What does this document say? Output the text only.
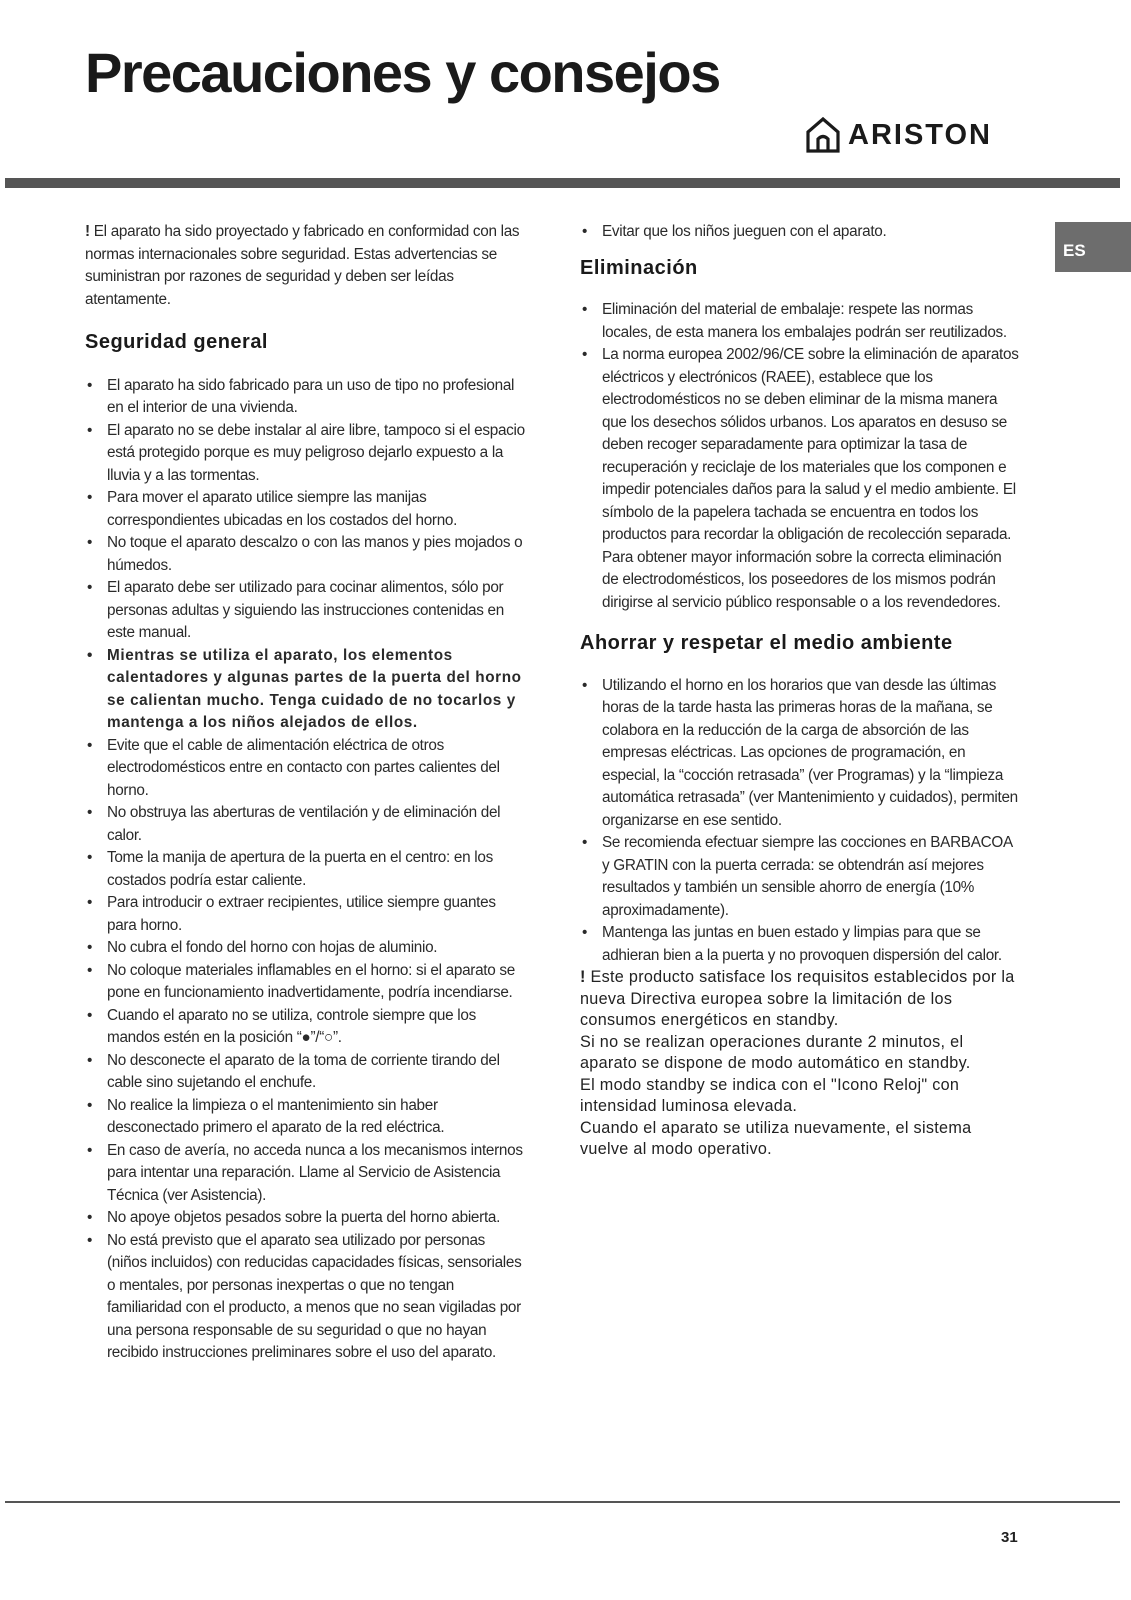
Precauciones y consejos
ARISTON
ES

! El aparato ha sido proyectado y fabricado en conformidad con las normas internacionales sobre seguridad. Estas advertencias se suministran por razones de seguridad y deben ser leídas atentamente.

Seguridad general
• El aparato ha sido fabricado para un uso de tipo no profesional en el interior de una vivienda.
• El aparato no se debe instalar al aire libre, tampoco si el espacio está protegido porque es muy peligroso dejarlo expuesto a la lluvia y a las tormentas.
• Para mover el aparato utilice siempre las manijas correspondientes ubicadas en los costados del horno.
• No toque el aparato descalzo o con las manos y pies mojados o húmedos.
• El aparato debe ser utilizado para cocinar alimentos, sólo por personas adultas y siguiendo las instrucciones contenidas en este manual.
• Mientras se utiliza el aparato, los elementos calentadores y algunas partes de la puerta del horno se calientan mucho. Tenga cuidado de no tocarlos y mantenga a los niños alejados de ellos.
• Evite que el cable de alimentación eléctrica de otros electrodomésticos entre en contacto con partes calientes del horno.
• No obstruya las aberturas de ventilación y de eliminación del calor.
• Tome la manija de apertura de la puerta en el centro: en los costados podría estar caliente.
• Para introducir o extraer recipientes, utilice siempre guantes para horno.
• No cubra el fondo del horno con hojas de aluminio.
• No coloque materiales inflamables en el horno: si el aparato se pone en funcionamiento inadvertidamente, podría incendiarse.
• Cuando el aparato no se utiliza, controle siempre que los mandos estén en la posición “●”/“○”.
• No desconecte el aparato de la toma de corriente tirando del cable sino sujetando el enchufe.
• No realice la limpieza o el mantenimiento sin haber desconectado primero el aparato de la red eléctrica.
• En caso de avería, no acceda nunca a los mecanismos internos para intentar una reparación. Llame al Servicio de Asistencia Técnica (ver Asistencia).
• No apoye objetos pesados sobre la puerta del horno abierta.
• No está previsto que el aparato sea utilizado por personas (niños incluidos) con reducidas capacidades físicas, sensoriales o mentales, por personas inexpertas o que no tengan familiaridad con el producto, a menos que no sean vigiladas por una persona responsable de su seguridad o que no hayan recibido instrucciones preliminares sobre el uso del aparato.
• Evitar que los niños jueguen con el aparato.
Eliminación
• Eliminación del material de embalaje: respete las normas locales, de esta manera los embalajes podrán ser reutilizados.
• La norma europea 2002/96/CE sobre la eliminación de aparatos eléctricos y electrónicos (RAEE), establece que los electrodomésticos no se deben eliminar de la misma manera que los desechos sólidos urbanos. Los aparatos en desuso se deben recoger separadamente para optimizar la tasa de recuperación y reciclaje de los materiales que los componen e impedir potenciales daños para la salud y el medio ambiente. El símbolo de la papelera tachada se encuentra en todos los productos para recordar la obligación de recolección separada.

Para obtener mayor información sobre la correcta eliminación de electrodomésticos, los poseedores de los mismos podrán dirigirse al servicio público responsable o a los revendedores.

Ahorrar y respetar el medio ambiente
• Utilizando el horno en los horarios que van desde las últimas horas de la tarde hasta las primeras horas de la mañana, se colabora en la reducción de la carga de absorción de las empresas eléctricas. Las opciones de programación, en especial, la “cocción retrasada” (ver Programas) y la “limpieza automática retrasada” (ver Mantenimiento y cuidados), permiten organizarse en ese sentido.
• Se recomienda efectuar siempre las cocciones en BARBACOA y GRATIN con la puerta cerrada: se obtendrán así mejores resultados y también un sensible ahorro de energía (10% aproximadamente).
• Mantenga las juntas en buen estado y limpias para que se adhieran bien a la puerta y no provoquen dispersión del calor.

! Este producto satisface los requisitos establecidos por la nueva Directiva europea sobre la limitación de los consumos energéticos en standby.

Si no se realizan operaciones durante 2 minutos, el aparato se dispone de modo automático en standby.

El modo standby se indica con el "Icono Reloj" con intensidad luminosa elevada.

Cuando el aparato se utiliza nuevamente, el sistema vuelve al modo operativo.

31
